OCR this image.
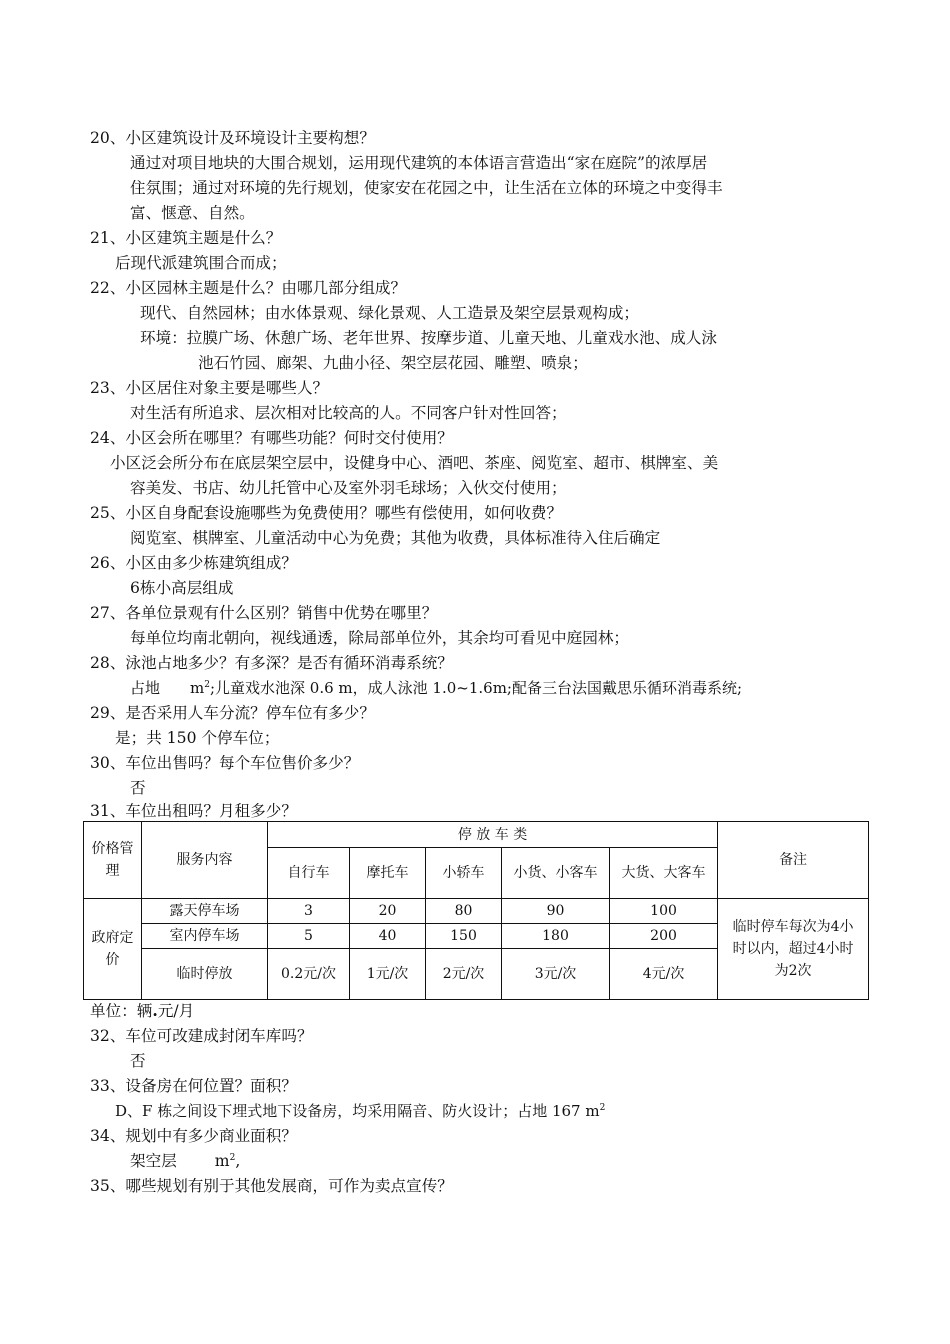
20、小区建筑设计及环境设计主要构想？
通过对项目地块的大围合规划，运用现代建筑的本体语言营造出“家在庭院”的浓厚居
住氛围；通过对环境的先行规划，使家安在花园之中，让生活在立体的环境之中变得丰
富、惬意、自然。
21、小区建筑主题是什么？
后现代派建筑围合而成；
22、小区园林主题是什么？由哪几部分组成？
现代、自然园林；由水体景观、绿化景观、人工造景及架空层景观构成；
环境：拉膜广场、休憩广场、老年世界、按摩步道、儿童天地、儿童戏水池、成人泳
池石竹园、廊架、九曲小径、架空层花园、雕塑、喷泉；
23、小区居住对象主要是哪些人？
对生活有所追求、层次相对比较高的人。不同客户针对性回答；
24、小区会所在哪里？有哪些功能？何时交付使用？
小区泛会所分布在底层架空层中，设健身中心、酒吧、茶座、阅览室、超市、棋牌室、美
容美发、书店、幼儿托管中心及室外羽毛球场；入伙交付使用；
25、小区自身配套设施哪些为免费使用？哪些有偿使用，如何收费？
阅览室、棋牌室、儿童活动中心为免费；其他为收费，具体标准待入住后确定
26、小区由多少栋建筑组成？
6栋小高层组成
27、各单位景观有什么区别？销售中优势在哪里？
每单位均南北朝向，视线通透，除局部单位外，其余均可看见中庭园林；
28、泳池占地多少？有多深？是否有循环消毒系统？
占地 $m^2$;儿童戏水池深 0.6 m，成人泳池 1.0~1.6m;配备三台法国戴思乐循环消毒系统;
29、是否采用人车分流？停车位有多少？
是；共 150 个停车位；
30、车位出售吗？每个车位售价多少？
否
31、车位出租吗？月租多少？
价格管理	服务内容	停 放 车 类					备注
		自行车	摩托车	小轿车	小货、小客车	大货、大客车	
政府定价	露天停车场	3	20	80	90	100	临时停车每次为4小时以内，超过4小时为2次
	室内停车场	5	40	150	180	200	
	临时停放	0.2元/次	1元/次	2元/次	3元/次	4元/次	
单位：辆.元/月
32、车位可改建成封闭车库吗？
否
33、设备房在何位置？面积？
D、F 栋之间设下埋式地下设备房，均采用隔音、防火设计；占地 167 $m^2$
34、规划中有多少商业面积？
架空层 $m^2$,
35、哪些规划有别于其他发展商，可作为卖点宣传？
